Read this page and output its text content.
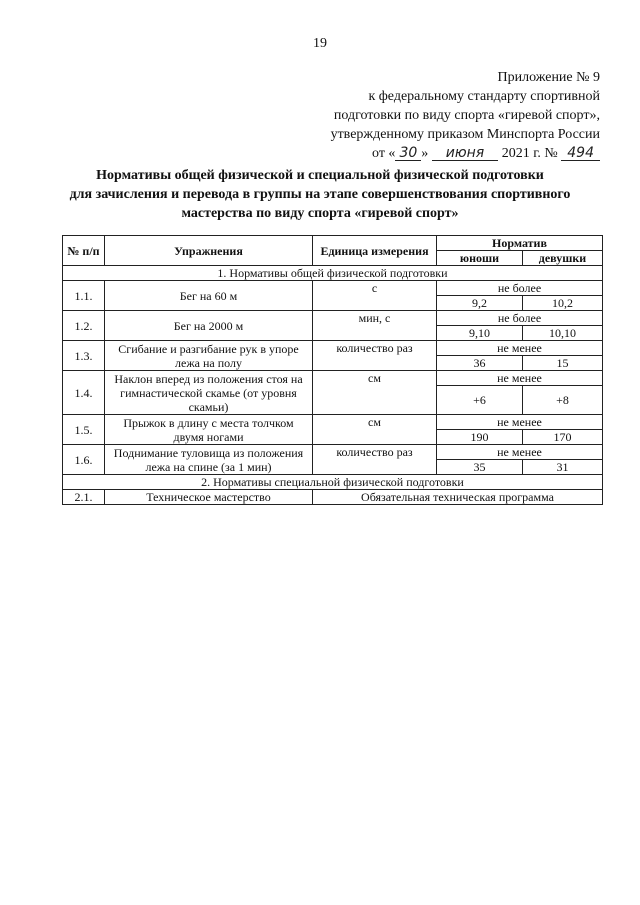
19
Приложение № 9
к федеральному стандарту спортивной
подготовки по виду спорта «гиревой спорт»,
утвержденному приказом Минспорта России
от « 30 » июня 2021 г. № 494
Нормативы общей физической и специальной физической подготовки
для зачисления и перевода в группы на этапе совершенствования спортивного
мастерства по виду спорта «гиревой спорт»
№ п/п	Упражнения	Единица измерения	Норматив	
			юноши	девушки
1. Нормативы общей физической подготовки				
1.1.	Бег на 60 м	с	не более	
			9,2	10,2
1.2.	Бег на 2000 м	мин, с	не более	
			9,10	10,10
1.3.	Сгибание и разгибание рук в упоре лежа на полу	количество раз	не менее	
			36	15
1.4.	Наклон вперед из положения стоя на гимнастической скамье (от уровня скамьи)	см	не менее	
			+6	+8
1.5.	Прыжок в длину с места толчком двумя ногами	см	не менее	
			190	170
1.6.	Поднимание туловища из положения лежа на спине (за 1 мин)	количество раз	не менее	
			35	31
2. Нормативы специальной физической подготовки				
2.1.	Техническое мастерство	Обязательная техническая программа		
